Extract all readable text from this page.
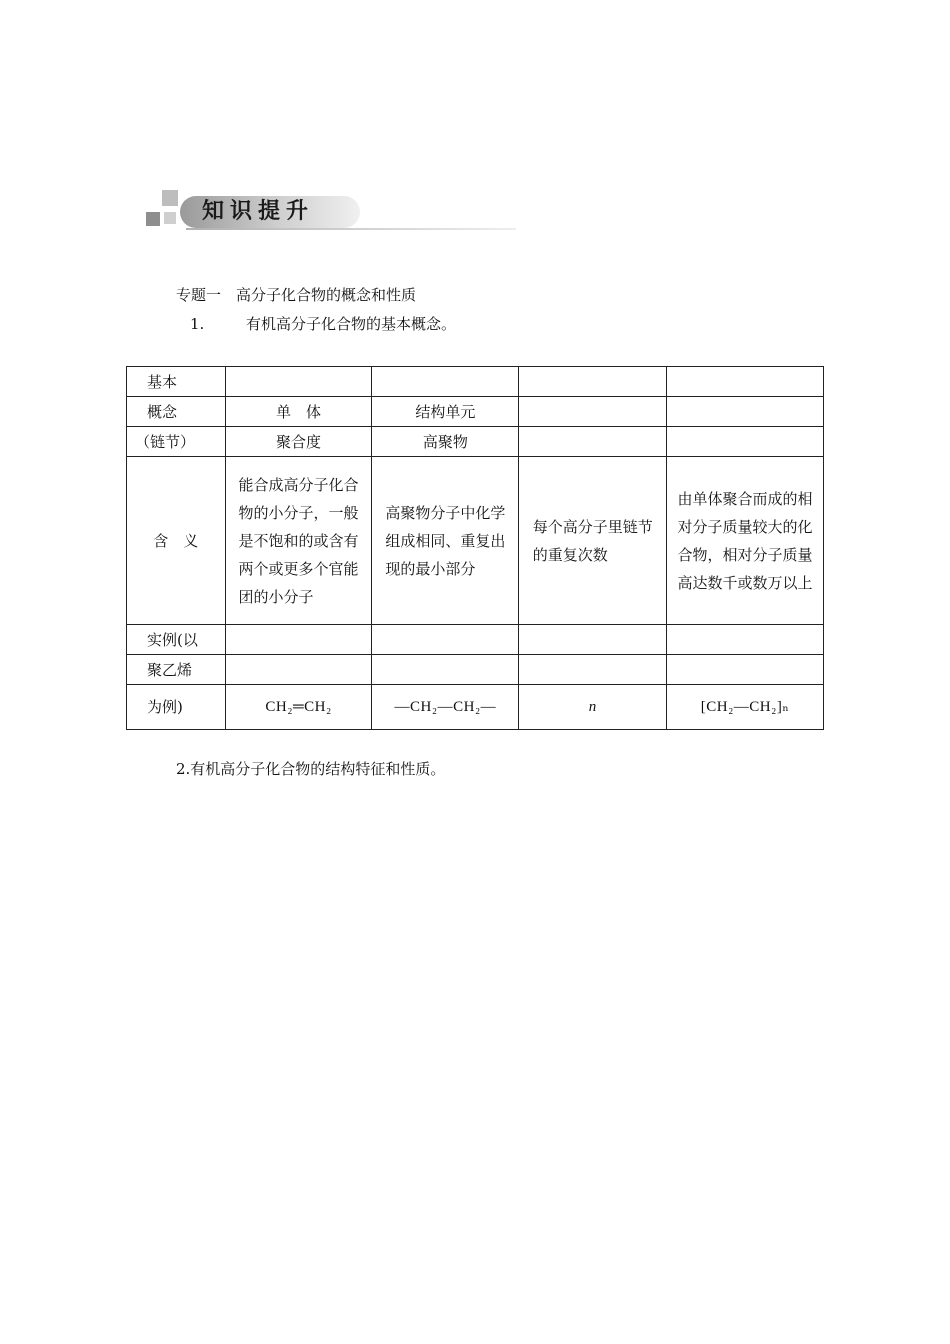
知识提升
专题一　高分子化合物的概念和性质
1.	有机高分子化合物的基本概念。
基本				
概念	单　体	结构单元		
（链节）	聚合度	高聚物		
含　义	能合成高分子化合物的小分子，一般是不饱和的或含有两个或更多个官能团的小分子	高聚物分子中化学组成相同、重复出现的最小部分	每个高分子里链节的重复次数	由单体聚合而成的相对分子质量较大的化合物，相对分子质量高达数千或数万以上
实例(以				
聚乙烯				
为例)	CH₂═CH₂	—CH₂—CH₂—	n	[CH₂—CH₂]ₙ
2.有机高分子化合物的结构特征和性质。
